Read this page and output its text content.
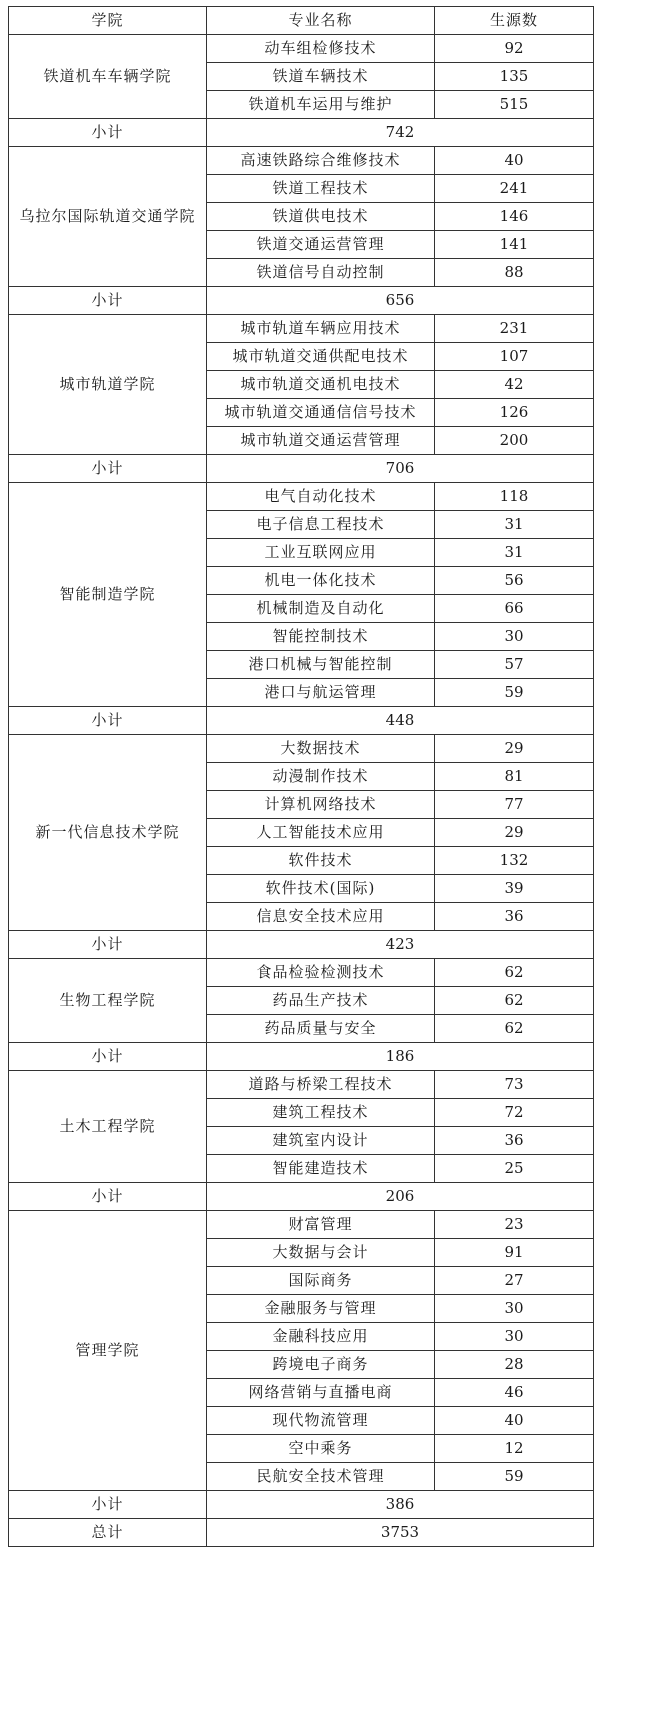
学院	专业名称	生源数
铁道机车车辆学院	动车组检修技术	92
	铁道车辆技术	135
	铁道机车运用与维护	515
小计	742	
乌拉尔国际轨道交通学院	高速铁路综合维修技术	40
	铁道工程技术	241
	铁道供电技术	146
	铁道交通运营管理	141
	铁道信号自动控制	88
小计	656	
城市轨道学院	城市轨道车辆应用技术	231
	城市轨道交通供配电技术	107
	城市轨道交通机电技术	42
	城市轨道交通通信信号技术	126
	城市轨道交通运营管理	200
小计	706	
智能制造学院	电气自动化技术	118
	电子信息工程技术	31
	工业互联网应用	31
	机电一体化技术	56
	机械制造及自动化	66
	智能控制技术	30
	港口机械与智能控制	57
	港口与航运管理	59
小计	448	
新一代信息技术学院	大数据技术	29
	动漫制作技术	81
	计算机网络技术	77
	人工智能技术应用	29
	软件技术	132
	软件技术(国际)	39
	信息安全技术应用	36
小计	423	
生物工程学院	食品检验检测技术	62
	药品生产技术	62
	药品质量与安全	62
小计	186	
土木工程学院	道路与桥梁工程技术	73
	建筑工程技术	72
	建筑室内设计	36
	智能建造技术	25
小计	206	
管理学院	财富管理	23
	大数据与会计	91
	国际商务	27
	金融服务与管理	30
	金融科技应用	30
	跨境电子商务	28
	网络营销与直播电商	46
	现代物流管理	40
	空中乘务	12
	民航安全技术管理	59
小计	386	
总计	3753	
